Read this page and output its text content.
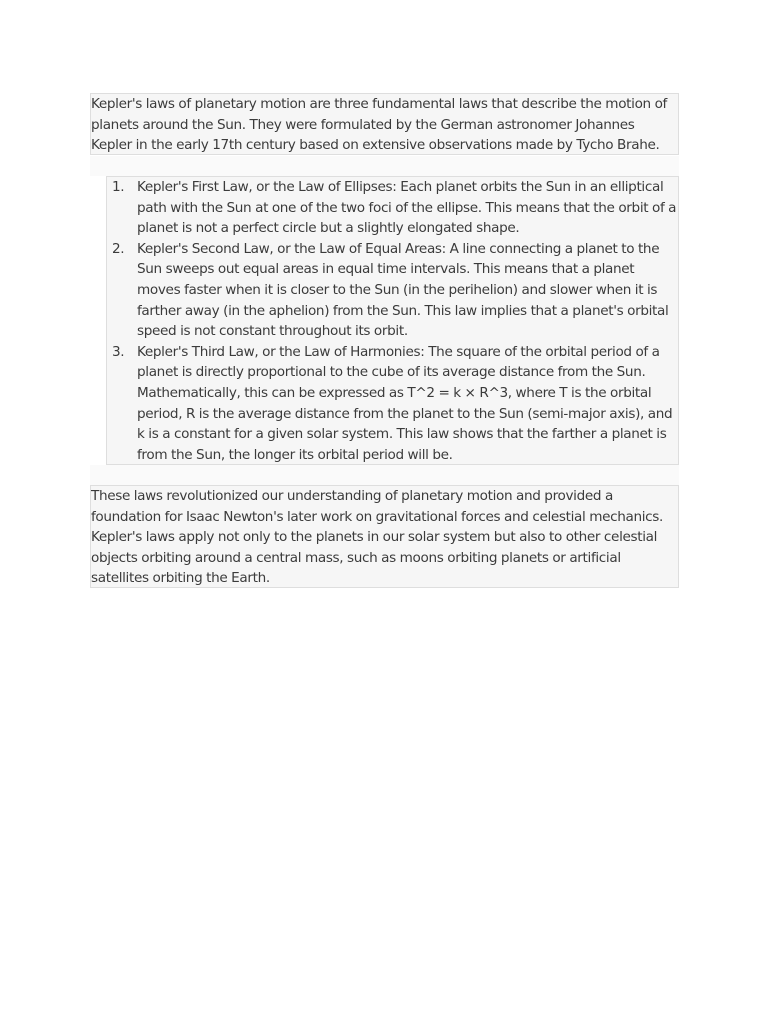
Kepler's laws of planetary motion are three fundamental laws that describe the motion of planets around the Sun. They were formulated by the German astronomer Johannes Kepler in the early 17th century based on extensive observations made by Tycho Brahe.

1. Kepler's First Law, or the Law of Ellipses: Each planet orbits the Sun in an elliptical path with the Sun at one of the two foci of the ellipse. This means that the orbit of a planet is not a perfect circle but a slightly elongated shape.
2. Kepler's Second Law, or the Law of Equal Areas: A line connecting a planet to the Sun sweeps out equal areas in equal time intervals. This means that a planet moves faster when it is closer to the Sun (in the perihelion) and slower when it is farther away (in the aphelion) from the Sun. This law implies that a planet's orbital speed is not constant throughout its orbit.
3. Kepler's Third Law, or the Law of Harmonies: The square of the orbital period of a planet is directly proportional to the cube of its average distance from the Sun. Mathematically, this can be expressed as T^2 = k × R^3, where T is the orbital period, R is the average distance from the planet to the Sun (semi-major axis), and k is a constant for a given solar system. This law shows that the farther a planet is from the Sun, the longer its orbital period will be.

These laws revolutionized our understanding of planetary motion and provided a foundation for Isaac Newton's later work on gravitational forces and celestial mechanics. Kepler's laws apply not only to the planets in our solar system but also to other celestial objects orbiting around a central mass, such as moons orbiting planets or artificial satellites orbiting the Earth.
